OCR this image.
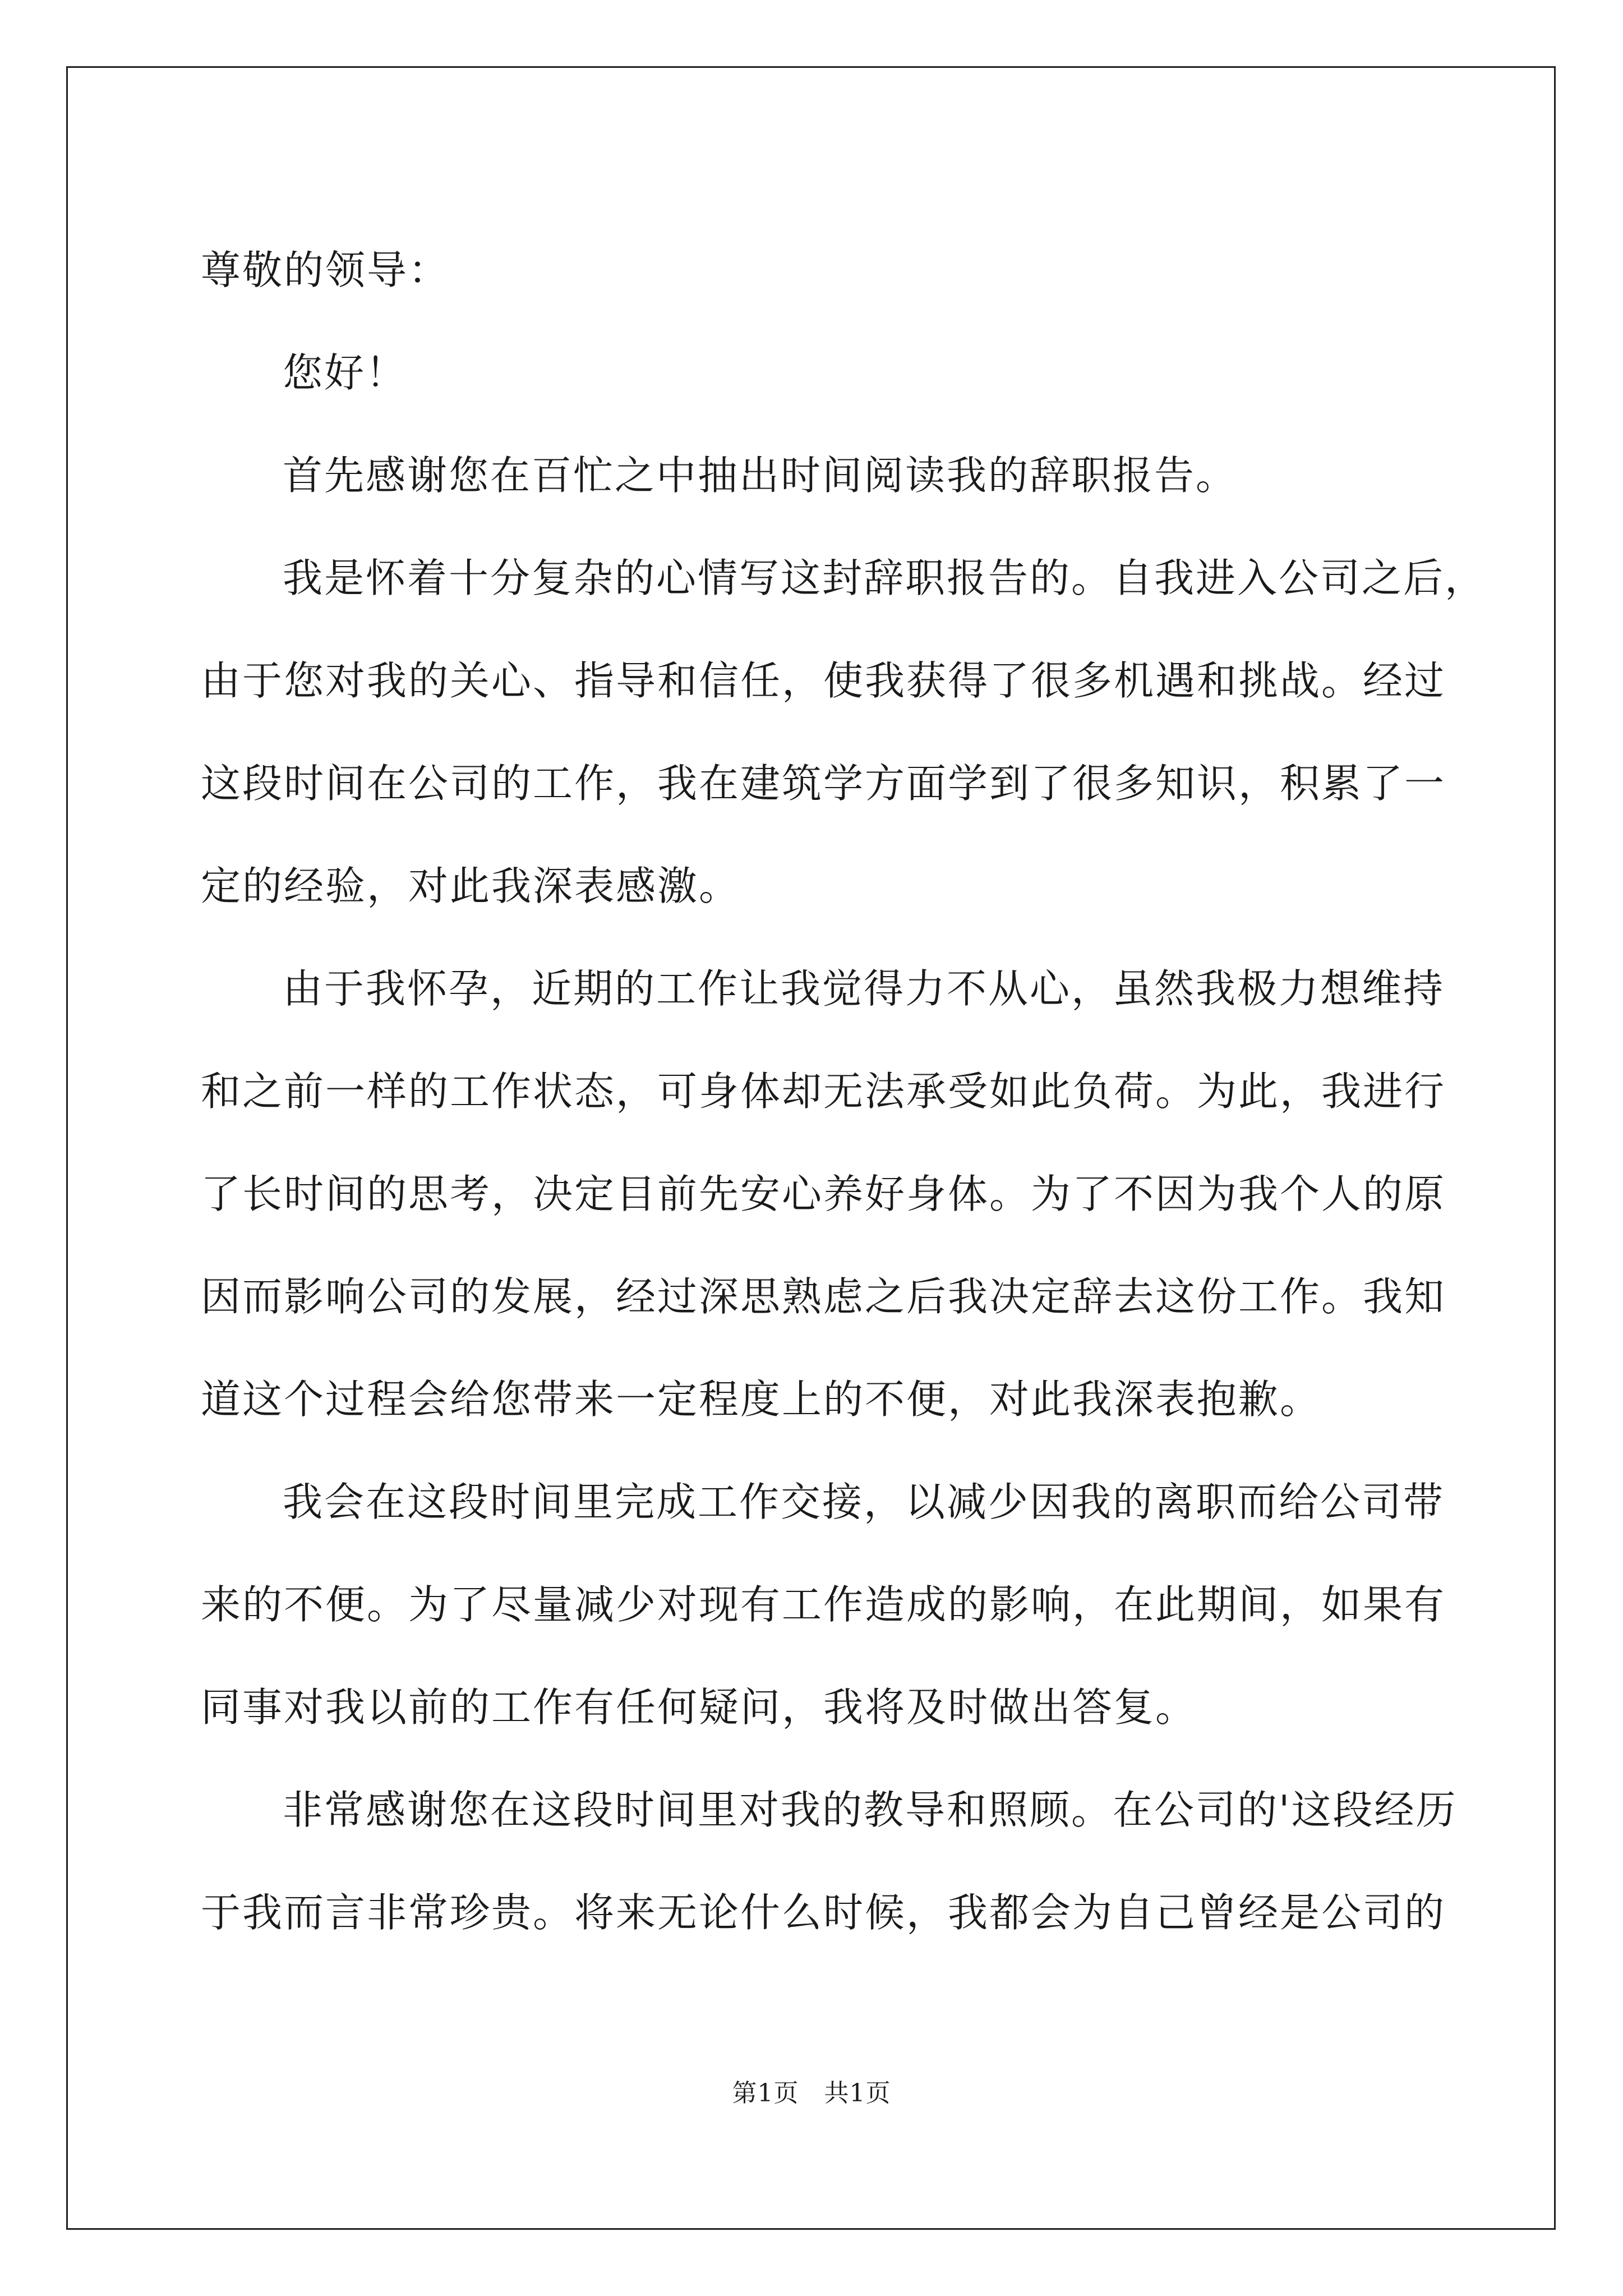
尊敬的领导：
您好！
首先感谢您在百忙之中抽出时间阅读我的辞职报告。
我是怀着十分复杂的心情写这封辞职报告的。自我进入公司之后，
由于您对我的关心、指导和信任，使我获得了很多机遇和挑战。经过
这段时间在公司的工作，我在建筑学方面学到了很多知识，积累了一
定的经验，对此我深表感激。
由于我怀孕，近期的工作让我觉得力不从心，虽然我极力想维持
和之前一样的工作状态，可身体却无法承受如此负荷。为此，我进行
了长时间的思考，决定目前先安心养好身体。为了不因为我个人的原
因而影响公司的发展，经过深思熟虑之后我决定辞去这份工作。我知
道这个过程会给您带来一定程度上的不便，对此我深表抱歉。
我会在这段时间里完成工作交接，以减少因我的离职而给公司带
来的不便。为了尽量减少对现有工作造成的影响，在此期间，如果有
同事对我以前的工作有任何疑问，我将及时做出答复。
非常感谢您在这段时间里对我的教导和照顾。在公司的'这段经历
于我而言非常珍贵。将来无论什么时候，我都会为自己曾经是公司的
第1页　共1页
